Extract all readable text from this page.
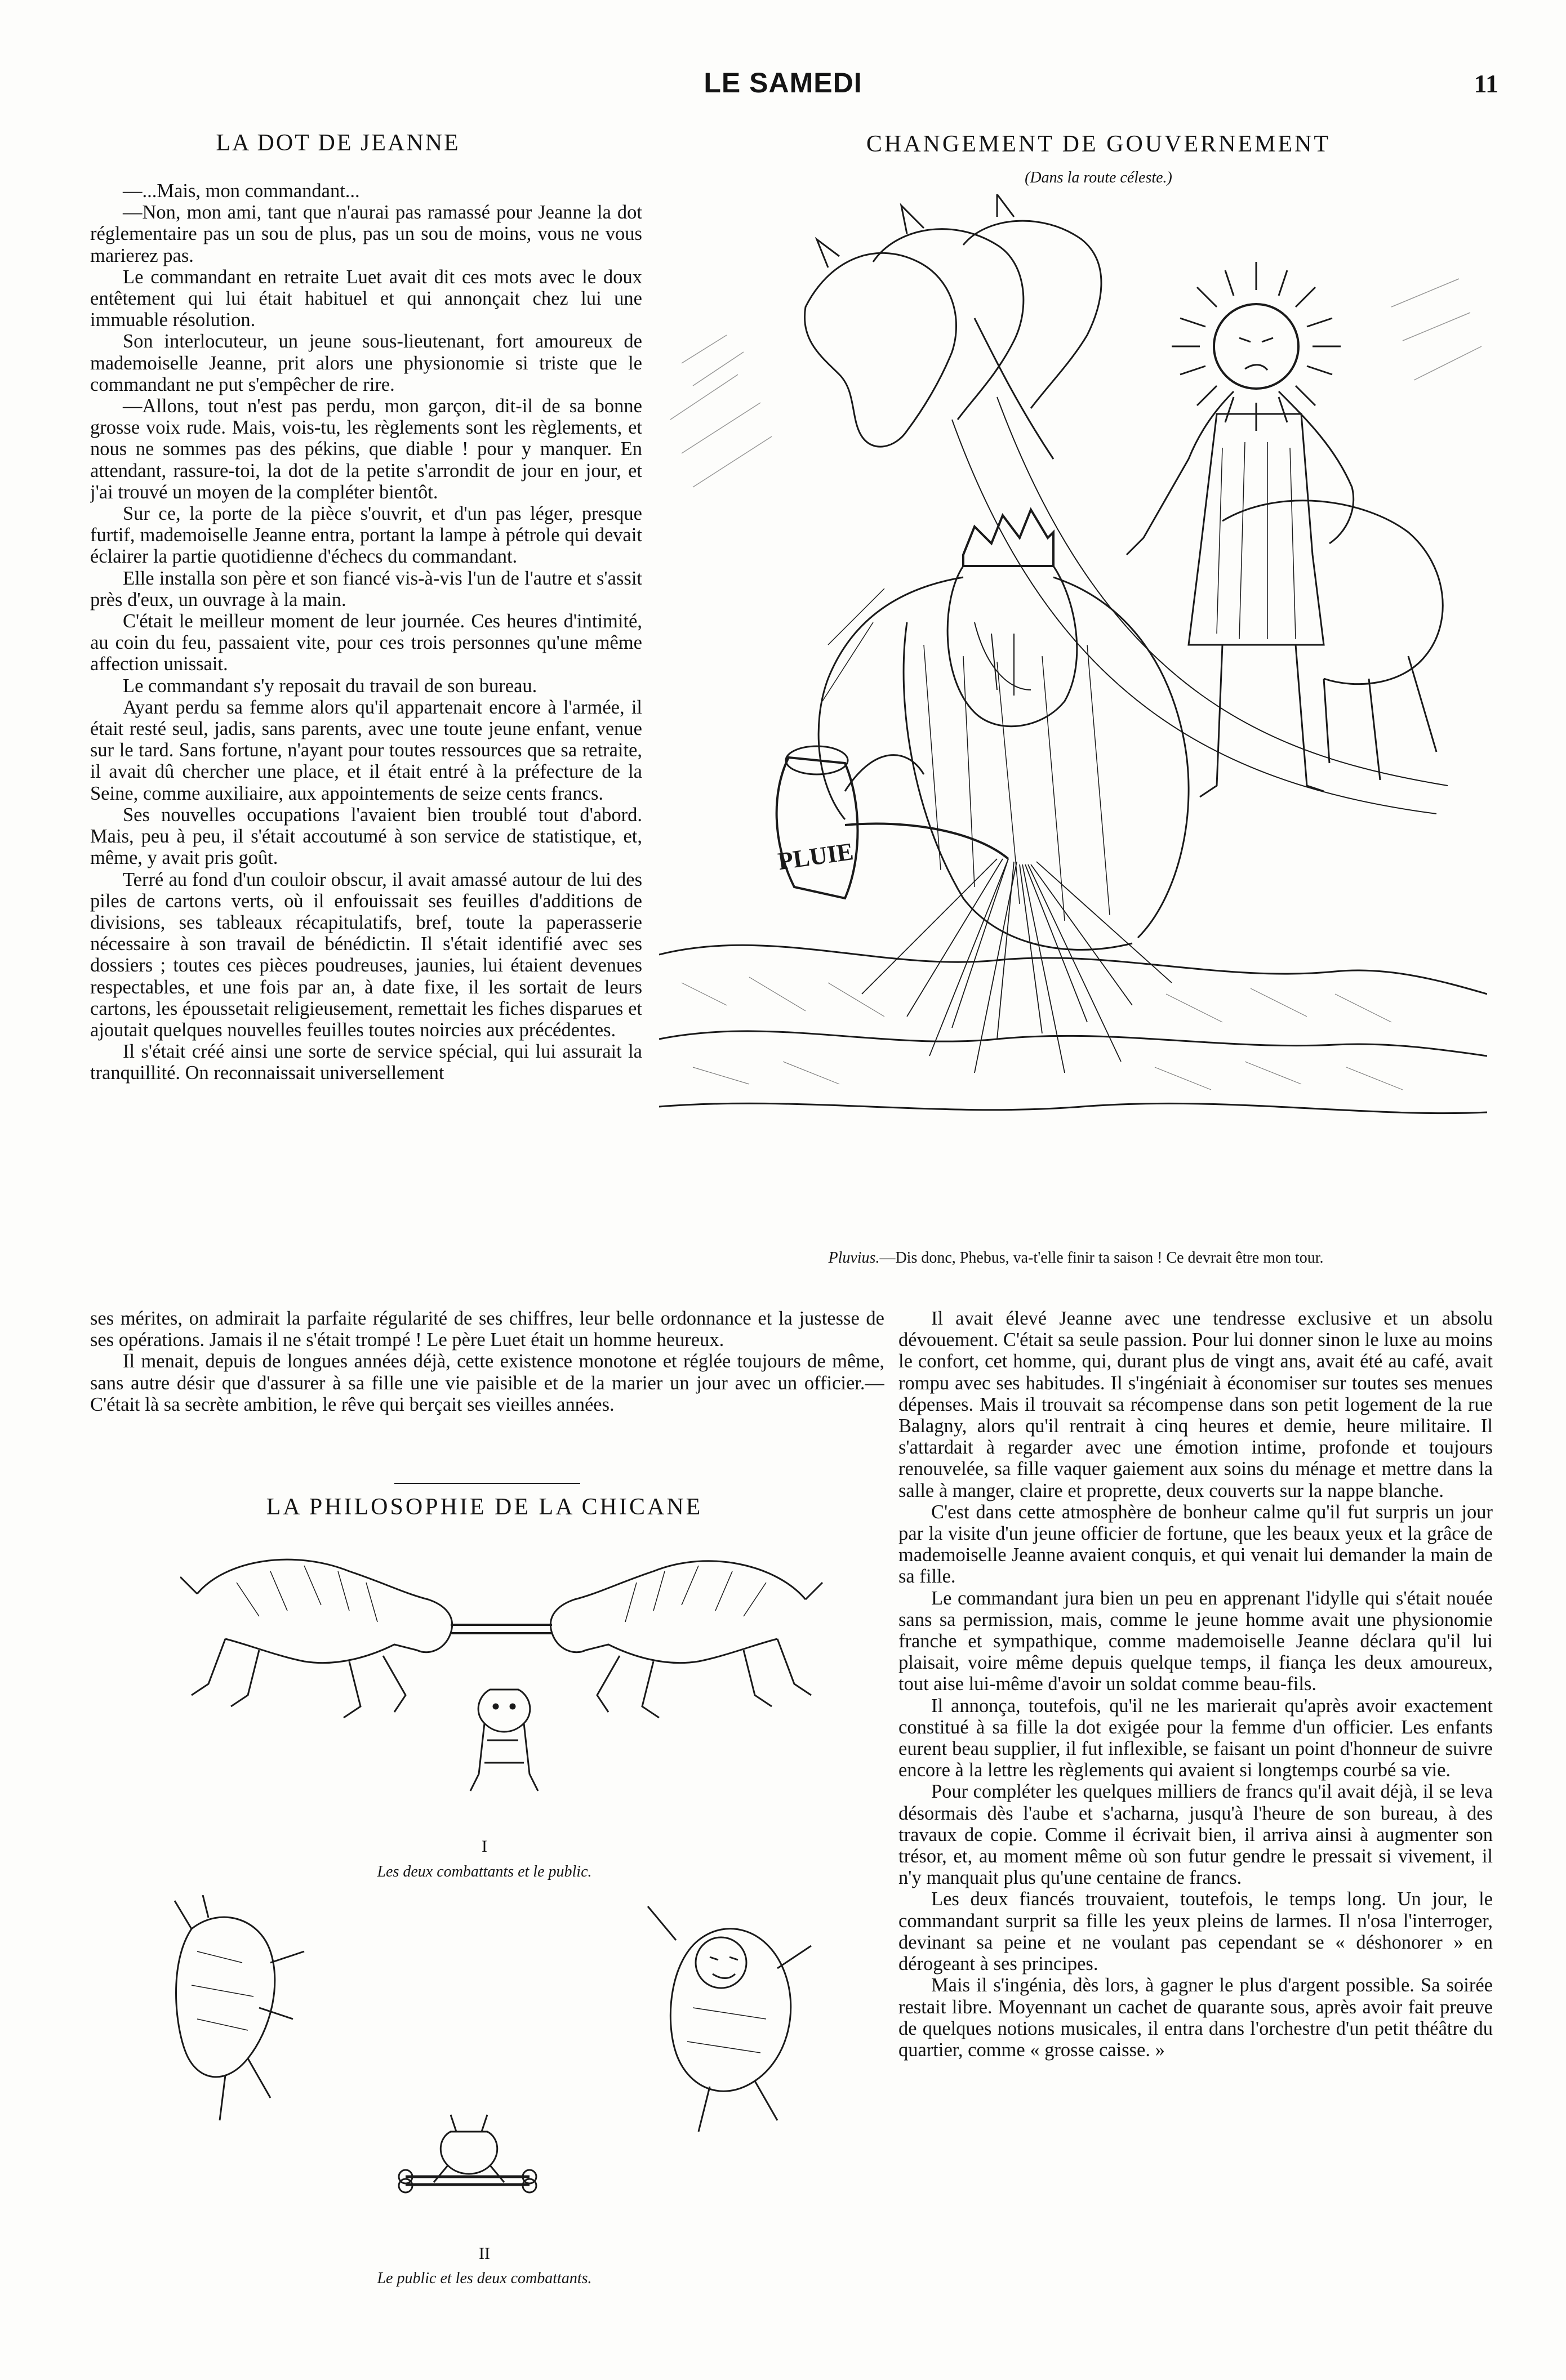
LE SAMEDI	11
LA DOT DE JEANNE

—...Mais, mon commandant...

—Non, mon ami, tant que n'aurai pas ramassé pour Jeanne la dot réglementaire pas un sou de plus, pas un sou de moins, vous ne vous marierez pas.

Le commandant en retraite Luet avait dit ces mots avec le doux entêtement qui lui était habituel et qui annonçait chez lui une immuable résolution.

Son interlocuteur, un jeune sous-lieutenant, fort amoureux de mademoiselle Jeanne, prit alors une physionomie si triste que le commandant ne put s'empêcher de rire.

—Allons, tout n'est pas perdu, mon garçon, dit-il de sa bonne grosse voix rude. Mais, vois-tu, les règlements sont les règlements, et nous ne sommes pas des pékins, que diable ! pour y manquer. En attendant, rassure-toi, la dot de la petite s'arrondit de jour en jour, et j'ai trouvé un moyen de la compléter bientôt.

Sur ce, la porte de la pièce s'ouvrit, et d'un pas léger, presque furtif, mademoiselle Jeanne entra, portant la lampe à pétrole qui devait éclairer la partie quotidienne d'échecs du commandant.

Elle installa son père et son fiancé vis-à-vis l'un de l'autre et s'assit près d'eux, un ouvrage à la main.

C'était le meilleur moment de leur journée. Ces heures d'intimité, au coin du feu, passaient vite, pour ces trois personnes qu'une même affection unissait.

Le commandant s'y reposait du travail de son bureau.

Ayant perdu sa femme alors qu'il appartenait encore à l'armée, il était resté seul, jadis, sans parents, avec une toute jeune enfant, venue sur le tard. Sans fortune, n'ayant pour toutes ressources que sa retraite, il avait dû chercher une place, et il était entré à la préfecture de la Seine, comme auxiliaire, aux appointements de seize cents francs.

Ses nouvelles occupations l'avaient bien troublé tout d'abord. Mais, peu à peu, il s'était accoutumé à son service de statistique, et, même, y avait pris goût.

Terré au fond d'un couloir obscur, il avait amassé autour de lui des piles de cartons verts, où il enfouissait ses feuilles d'additions de divisions, ses tableaux récapitulatifs, bref, toute la paperasserie nécessaire à son travail de bénédictin. Il s'était identifié avec ses dossiers ; toutes ces pièces poudreuses, jaunies, lui étaient devenues respectables, et une fois par an, à date fixe, il les sortait de leurs cartons, les époussetait religieusement, remettait les fiches disparues et ajoutait quelques nouvelles feuilles toutes noircies aux précédentes.

Il s'était créé ainsi une sorte de service spécial, qui lui assurait la tranquillité. On reconnaissait universellement

ses mérites, on admirait la parfaite régularité de ses chiffres, leur belle ordonnance et la justesse de ses opérations. Jamais il ne s'était trompé ! Le père Luet était un homme heureux.

Il menait, depuis de longues années déjà, cette existence monotone et réglée toujours de même, sans autre désir que d'assurer à sa fille une vie paisible et de la marier un jour avec un officier.—C'était là sa secrète ambition, le rêve qui berçait ses vieilles années.

Il avait élevé Jeanne avec une tendresse exclusive et un absolu dévouement. C'était sa seule passion. Pour lui donner sinon le luxe au moins le confort, cet homme, qui, durant plus de vingt ans, avait été au café, avait rompu avec ses habitudes. Il s'ingéniait à économiser sur toutes ses menues dépenses. Mais il trouvait sa récompense dans son petit logement de la rue Balagny, alors qu'il rentrait à cinq heures et demie, heure militaire. Il s'attardait à regarder avec une émotion intime, profonde et toujours renouvelée, sa fille vaquer gaiement aux soins du ménage et mettre dans la salle à manger, claire et proprette, deux couverts sur la nappe blanche.

C'est dans cette atmosphère de bonheur calme qu'il fut surpris un jour par la visite d'un jeune officier de fortune, que les beaux yeux et la grâce de mademoiselle Jeanne avaient conquis, et qui venait lui demander la main de sa fille.

Le commandant jura bien un peu en apprenant l'idylle qui s'était nouée sans sa permission, mais, comme le jeune homme avait une physionomie franche et sympathique, comme mademoiselle Jeanne déclara qu'il lui plaisait, voire même depuis quelque temps, il fiança les deux amoureux, tout aise lui-même d'avoir un soldat comme beau-fils.

Il annonça, toutefois, qu'il ne les marierait qu'après avoir exactement constitué à sa fille la dot exigée pour la femme d'un officier. Les enfants eurent beau supplier, il fut inflexible, se faisant un point d'honneur de suivre encore à la lettre les règlements qui avaient si longtemps courbé sa vie.

Pour compléter les quelques milliers de francs qu'il avait déjà, il se leva désormais dès l'aube et s'acharna, jusqu'à l'heure de son bureau, à des travaux de copie. Comme il écrivait bien, il arriva ainsi à augmenter son trésor, et, au moment même où son futur gendre le pressait si vivement, il n'y manquait plus qu'une centaine de francs.

Les deux fiancés trouvaient, toutefois, le temps long. Un jour, le commandant surprit sa fille les yeux pleins de larmes. Il n'osa l'interroger, devinant sa peine et ne voulant pas cependant se « déshonorer » en dérogeant à ses principes.

Mais il s'ingénia, dès lors, à gagner le plus d'argent possible. Sa soirée restait libre. Moyennant un cachet de quarante sous, après avoir fait preuve de quelques notions musicales, il entra dans l'orchestre d'un petit théâtre du quartier, comme « grosse caisse. »

CHANGEMENT DE GOUVERNEMENT
(Dans la route céleste.)
PLUIE
Pluvius.—Dis donc, Phebus, va-t'elle finir ta saison ! Ce devrait être mon tour.
LA PHILOSOPHIE DE LA CHICANE
I
Les deux combattants et le public.
II
Le public et les deux combattants.
